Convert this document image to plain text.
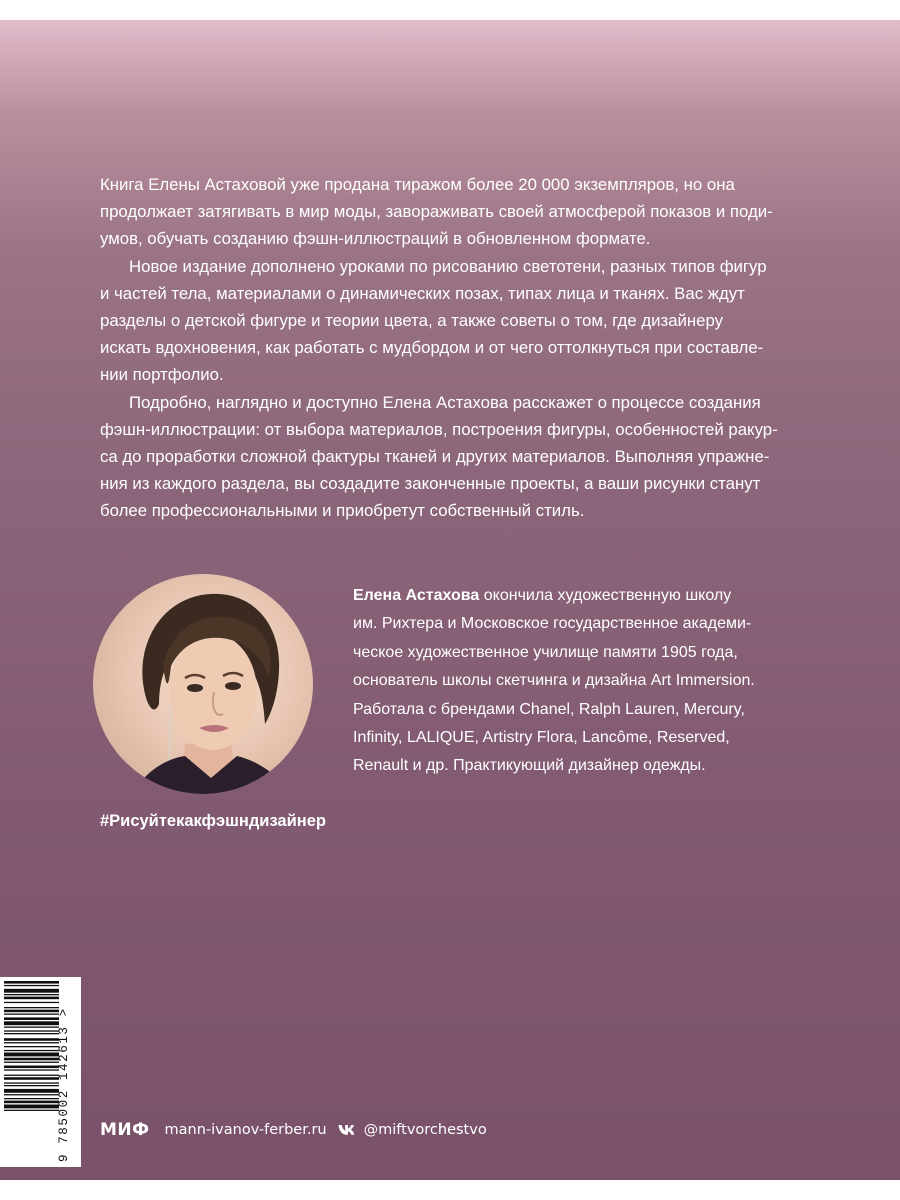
Книга Елены Астаховой уже продана тиражом более 20 000 экземпляров, но она
продолжает затягивать в мир моды, завораживать своей атмосферой показов и поди-
умов, обучать созданию фэшн-иллюстраций в обновленном формате.

Новое издание дополнено уроками по рисованию светотени, разных типов фигур
и частей тела, материалами о динамических позах, типах лица и тканях. Вас ждут
разделы о детской фигуре и теории цвета, а также советы о том, где дизайнеру
искать вдохновения, как работать с мудбордом и от чего оттолкнуться при составле-
нии портфолио.

Подробно, наглядно и доступно Елена Астахова расскажет о процессе создания
фэшн-иллюстрации: от выбора материалов, построения фигуры, особенностей ракур-
са до проработки сложной фактуры тканей и других материалов. Выполняя упражне-
ния из каждого раздела, вы создадите законченные проекты, а ваши рисунки станут
более профессиональными и приобретут собственный стиль.

Елена Астахова окончила художественную школу
им. Рихтера и Московское государственное академи-
ческое художественное училище памяти 1905 года,
основатель школы скетчинга и дизайна Art Immersion.
Работала с брендами Chanel, Ralph Lauren, Mercury,
Infinity, LALIQUE, Artistry Flora, Lancôme, Reserved,
Renault и др. Практикующий дизайнер одежды.

#Рисуйтекакфэшндизайнер

9 785002 142613 > МИФ mann-ivanov-ferber.ru	@miftvorchestvo
